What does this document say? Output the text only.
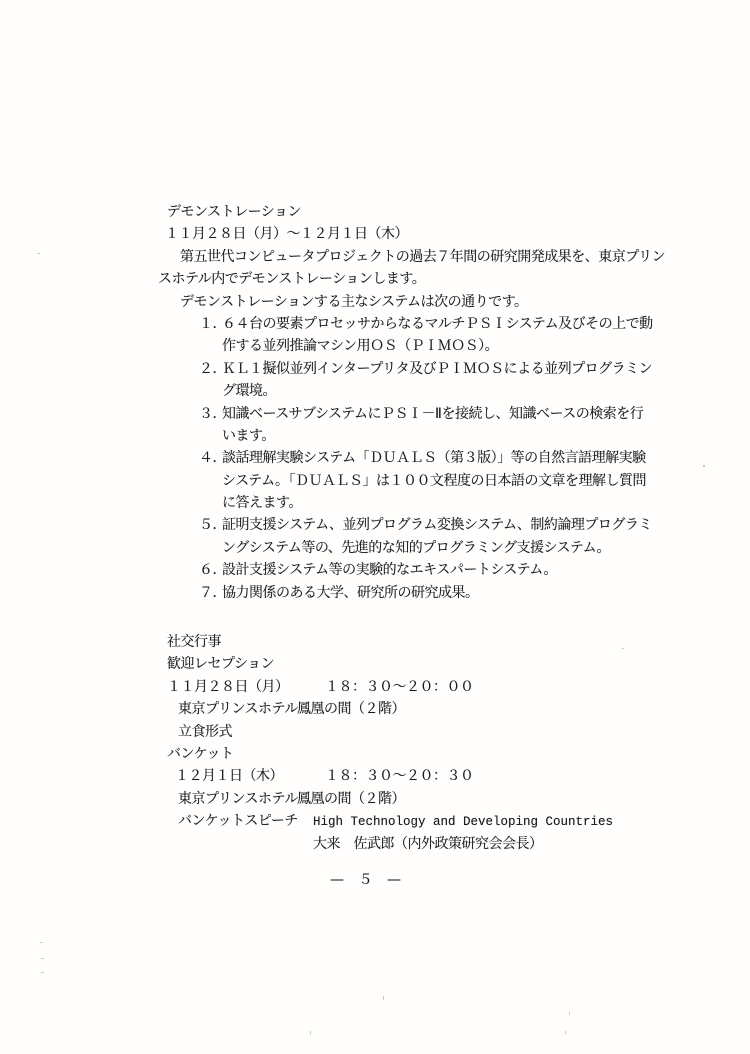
デモンストレーション
１１月２８日（月）～１２月１日（木）
第五世代コンピュータプロジェクトの過去７年間の研究開発成果を、東京プリン
スホテル内でデモンストレーションします。
デモンストレーションする主なシステムは次の通りです。
１．６４台の要素プロセッサからなるマルチＰＳＩシステム及びその上で動
作する並列推論マシン用ＯＳ（ＰＩＭＯＳ）。
２．ＫＬ１擬似並列インタープリタ及びＰＩＭＯＳによる並列プログラミン
グ環境。
３．知識ベースサブシステムにＰＳＩ－Ⅱを接続し、知識ベースの検索を行
います。
４．談話理解実験システム「ＤＵＡＬＳ（第３版）」等の自然言語理解実験
システム。「ＤＵＡＬＳ」は１００文程度の日本語の文章を理解し質問
に答えます。
５．証明支援システム、並列プログラム変換システム、制約論理プログラミ
ングシステム等の、先進的な知的プログラミング支援システム。
６．設計支援システム等の実験的なエキスパートシステム。
７．協力関係のある大学、研究所の研究成果。
社交行事
歓迎レセプション
１１月２８日（月）	１８：３０～２０：００
東京プリンスホテル鳳凰の間（２階）
立食形式
バンケット
１２月１日（木）	１８：３０～２０：３０
東京プリンスホテル鳳凰の間（２階）
バンケットスピーチ High Technology and Developing Countries
大来　佐武郎（内外政策研究会会長）
— ５ —
